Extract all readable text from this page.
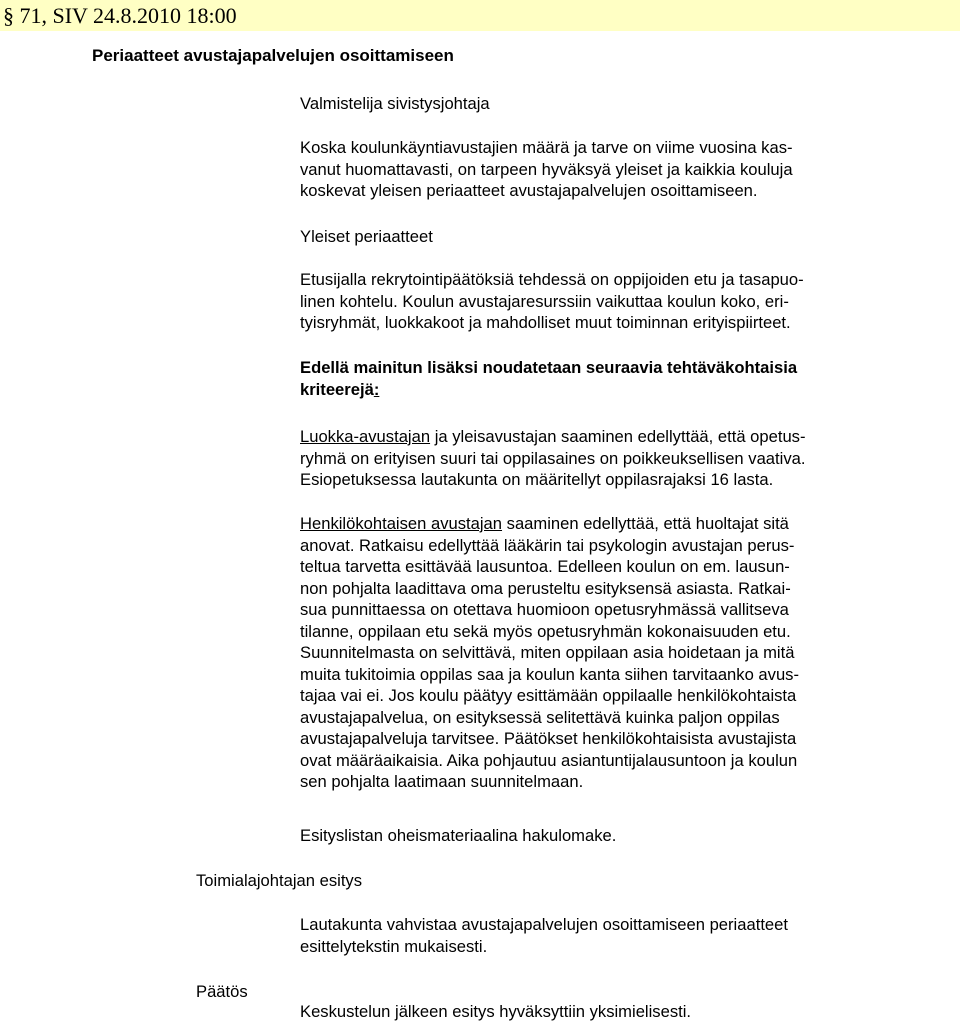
§ 71, SIV 24.8.2010 18:00
Periaatteet avustajapalvelujen osoittamiseen

Valmistelija sivistysjohtaja

Koska koulunkäyntiavustajien määrä ja tarve on viime vuosina kas-

vanut huomattavasti, on tarpeen hyväksyä yleiset ja kaikkia kouluja

koskevat yleisen periaatteet avustajapalvelujen osoittamiseen.

Yleiset periaatteet

Etusijalla rekrytointipäätöksiä tehdessä on oppijoiden etu ja tasapuo-

linen kohtelu. Koulun avustajaresurssiin vaikuttaa koulun koko, eri-

tyisryhmät, luokkakoot ja mahdolliset muut toiminnan erityispiirteet.

Edellä mainitun lisäksi noudatetaan seuraavia tehtäväkohtaisia

kriteerejä:

Luokka-avustajan ja yleisavustajan saaminen edellyttää, että opetus-

ryhmä on erityisen suuri tai oppilasaines on poikkeuksellisen vaativa.

Esiopetuksessa lautakunta on määritellyt oppilasrajaksi 16 lasta.

Henkilökohtaisen avustajan saaminen edellyttää, että huoltajat sitä

anovat. Ratkaisu edellyttää lääkärin tai psykologin avustajan perus-

teltua tarvetta esittävää lausuntoa. Edelleen koulun on em. lausun-

non pohjalta laadittava oma perusteltu esityksensä asiasta. Ratkai-

sua punnittaessa on otettava huomioon opetusryhmässä vallitseva

tilanne, oppilaan etu sekä myös opetusryhmän kokonaisuuden etu.

Suunnitelmasta on selvittävä, miten oppilaan asia hoidetaan ja mitä

muita tukitoimia oppilas saa ja koulun kanta siihen tarvitaanko avus-

tajaa vai ei. Jos koulu päätyy esittämään oppilaalle henkilökohtaista

avustajapalvelua, on esityksessä selitettävä kuinka paljon oppilas

avustajapalveluja tarvitsee. Päätökset henkilökohtaisista avustajista

ovat määräaikaisia. Aika pohjautuu asiantuntijalausuntoon ja koulun

sen pohjalta laatimaan suunnitelmaan.

Esityslistan oheismateriaalina hakulomake.

Toimialajohtajan esitys

Lautakunta vahvistaa avustajapalvelujen osoittamiseen periaatteet

esittelytekstin mukaisesti.

Päätös

Keskustelun jälkeen esitys hyväksyttiin yksimielisesti.
